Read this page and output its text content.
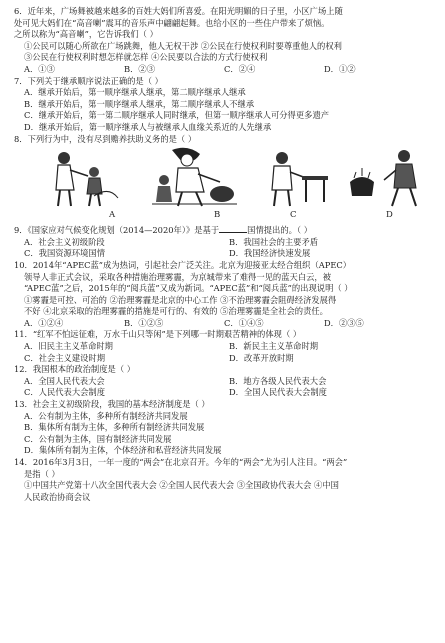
6．近年来，广场舞被越来越多的百姓大妈们所喜爱。在阳光明媚的日子里，小区广场上随
处可见大妈们在“高音喇”震耳的音乐声中翩翩起舞。也给小区的一些住户带来了烦恼。
之所以称为“高音喇”，它告诉我们（ ）
①公民可以随心所欲在广场跳舞，他人无权干涉 ②公民在行使权利时要尊重他人的权利
③公民在行使权利时想怎样就怎样 ④公民要以合法的方式行使权利
A．①③	B．②③	C．②④	D．①②
7．下列关于继承顺序说法正确的是（ ）
A．继承开始后，第一顺序继承人继承，第二顺序继承人继承
B．继承开始后，第一顺序继承人继承，第二顺序继承人不继承
C．继承开始后，第一第二顺序继承人同时继承，但第一顺序继承人可分得更多遗产
D．继承开始后，第一顺序继承人与被继承人血缘关系近的人先继承
8．下列行为中，没有尽到赡养扶助义务的是（ ）
A	B	C	D
9．《国家应对气候变化规划（2014—2020年）》是基于	国情提出的。（ ）
A．社会主义初级阶段	B．我国社会的主要矛盾
C．我国资源环境国情	D．我国经济快速发展
10．2014年“APEC蓝”成为热词，引起社会广泛关注。北京为迎接亚太经合组织（APEC）
领导人非正式会议，采取各种措施治理雾霾，为京城带来了难得一见的蓝天白云，被
“APEC蓝”之后，2015年的“阅兵蓝”又成为新词。“APEC蓝”和“阅兵蓝”的出现说明（ ）
①雾霾是可控、可治的 ②治理雾霾是北京的中心工作 ③不治理雾霾会阻碍经济发展得
不好 ④北京采取的治理雾霾的措施是可行的、有效的 ⑤治理雾霾是全社会的责任。
A．①②④	B．①②⑤	C．①④⑤	D．②③⑤
11．“红军不怕远征难，万水千山只等闲”是下列哪一时期艰苦精神的体现（ ）
A．旧民主主义革命时期	B．新民主主义革命时期
C．社会主义建设时期	D．改革开放时期
12．我国根本的政治制度是（ ）
A．全国人民代表大会	B．地方各级人民代表大会
C．人民代表大会制度	D．全国人民代表大会制度
13．社会主义初级阶段，我国的基本经济制度是（ ）
A．公有制为主体，多种所有制经济共同发展
B．集体所有制为主体，多种所有制经济共同发展
C．公有制为主体，国有制经济共同发展
D．集体所有制为主体，个体经济和私营经济共同发展
14．2016年3月3日，一年一度的“两会”在北京召开。今年的“两会”尤为引人注目。“两会”
是指（ ）
①中国共产党第十八次全国代表大会 ②全国人民代表大会 ③全国政协代表大会 ④中国
人民政治协商会议
